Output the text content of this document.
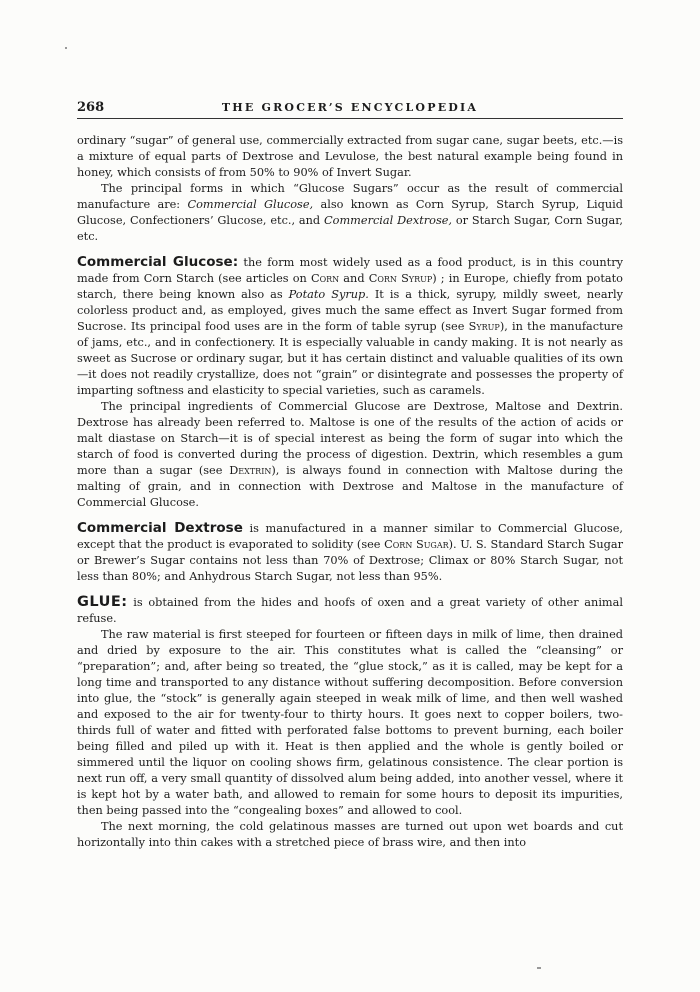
268	THE GROCER’S ENCYCLOPEDIA

ordinary “sugar” of general use, commercially extracted from sugar cane, sugar beets, etc.—is a mixture of equal parts of Dextrose and Levulose, the best natural example being found in honey, which consists of from 50% to 90% of Invert Sugar.

The principal forms in which “Glucose Sugars” occur as the result of commercial manufacture are: Commercial Glucose, also known as Corn Syrup, Starch Syrup, Liquid Glucose, Confectioners’ Glucose, etc., and Commercial Dextrose, or Starch Sugar, Corn Sugar, etc.

Commercial Glucose: the form most widely used as a food product, is in this country made from Corn Starch (see articles on Corn and Corn Syrup) ; in Europe, chiefly from potato starch, there being known also as Potato Syrup. It is a thick, syrupy, mildly sweet, nearly colorless product and, as employed, gives much the same effect as Invert Sugar formed from Sucrose. Its principal food uses are in the form of table syrup (see Syrup), in the manufacture of jams, etc., and in confectionery. It is especially valuable in candy making. It is not nearly as sweet as Sucrose or ordinary sugar, but it has certain distinct and valuable qualities of its own—it does not readily crystallize, does not “grain” or disintegrate and possesses the property of imparting softness and elasticity to special varieties, such as caramels.

The principal ingredients of Commercial Glucose are Dextrose, Maltose and Dextrin. Dextrose has already been referred to. Maltose is one of the results of the action of acids or malt diastase on Starch—it is of special interest as being the form of sugar into which the starch of food is converted during the process of digestion. Dextrin, which resembles a gum more than a sugar (see Dextrin), is always found in connection with Maltose during the malting of grain, and in connection with Dextrose and Maltose in the manufacture of Commercial Glucose.

Commercial Dextrose is manufactured in a manner similar to Commercial Glucose, except that the product is evaporated to solidity (see Corn Sugar). U. S. Standard Starch Sugar or Brewer’s Sugar contains not less than 70% of Dextrose; Climax or 80% Starch Sugar, not less than 80%; and Anhydrous Starch Sugar, not less than 95%.

GLUE: is obtained from the hides and hoofs of oxen and a great variety of other animal refuse.

The raw material is first steeped for fourteen or fifteen days in milk of lime, then drained and dried by exposure to the air. This constitutes what is called the “cleansing” or “preparation”; and, after being so treated, the “glue stock,” as it is called, may be kept for a long time and transported to any distance without suffering decomposition. Before conversion into glue, the “stock” is generally again steeped in weak milk of lime, and then well washed and exposed to the air for twenty-four to thirty hours. It goes next to copper boilers, two-thirds full of water and fitted with perforated false bottoms to prevent burning, each boiler being filled and piled up with it. Heat is then applied and the whole is gently boiled or simmered until the liquor on cooling shows firm, gelatinous consistence. The clear portion is next run off, a very small quantity of dissolved alum being added, into another vessel, where it is kept hot by a water bath, and allowed to remain for some hours to deposit its impurities, then being passed into the “congealing boxes” and allowed to cool.

The next morning, the cold gelatinous masses are turned out upon wet boards and cut horizontally into thin cakes with a stretched piece of brass wire, and then into
